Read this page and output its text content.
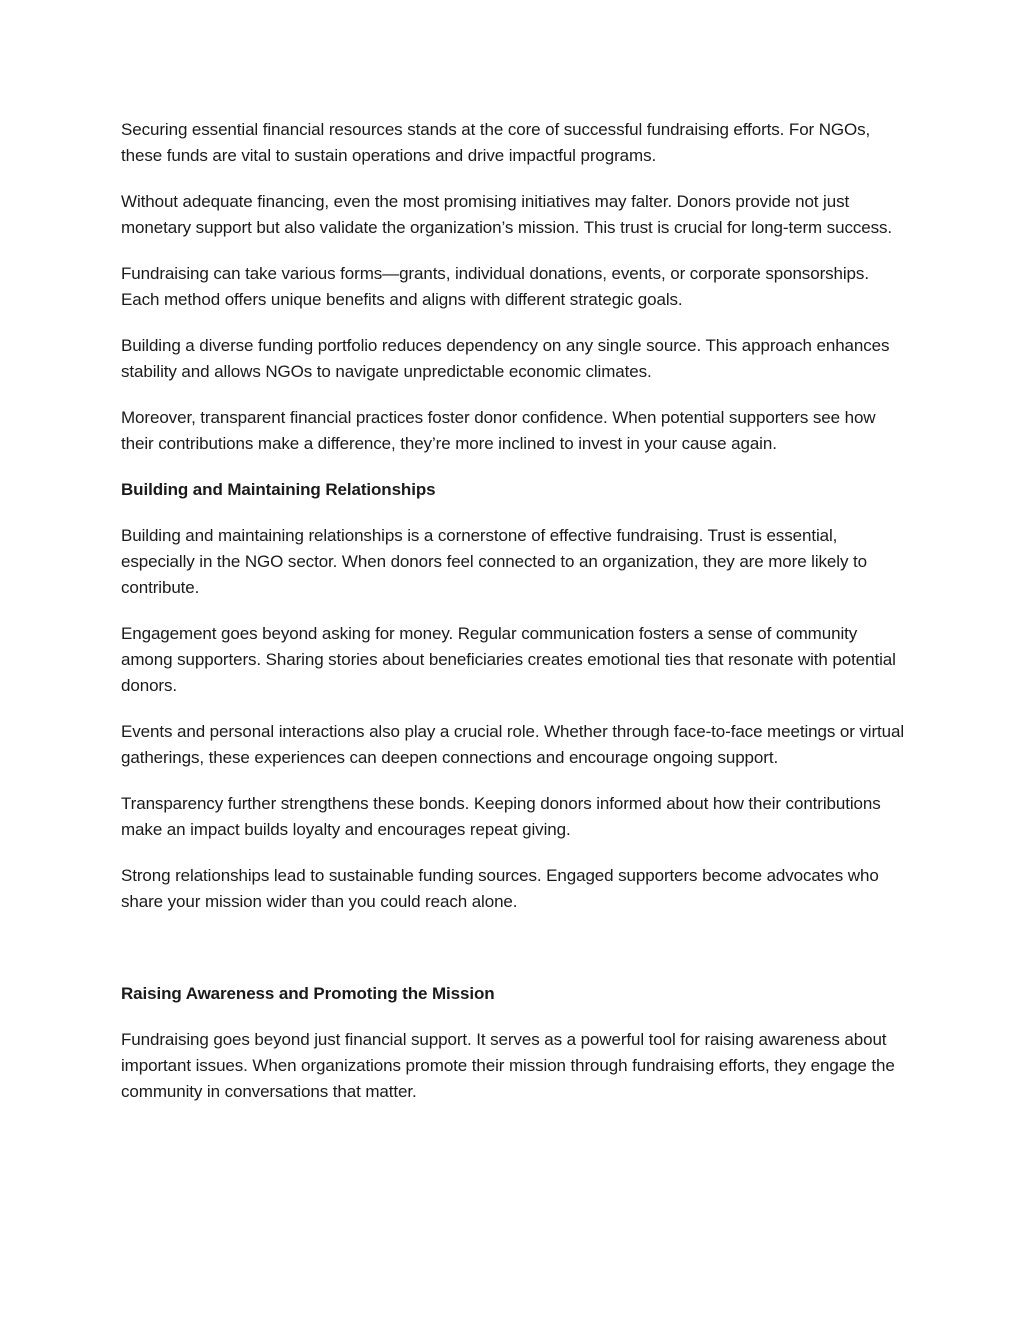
Securing essential financial resources stands at the core of successful fundraising efforts. For NGOs, these funds are vital to sustain operations and drive impactful programs.

Without adequate financing, even the most promising initiatives may falter. Donors provide not just monetary support but also validate the organization’s mission. This trust is crucial for long-term success.

Fundraising can take various forms—grants, individual donations, events, or corporate sponsorships. Each method offers unique benefits and aligns with different strategic goals.

Building a diverse funding portfolio reduces dependency on any single source. This approach enhances stability and allows NGOs to navigate unpredictable economic climates.

Moreover, transparent financial practices foster donor confidence. When potential supporters see how their contributions make a difference, they’re more inclined to invest in your cause again.

Building and Maintaining Relationships

Building and maintaining relationships is a cornerstone of effective fundraising. Trust is essential, especially in the NGO sector. When donors feel connected to an organization, they are more likely to contribute.

Engagement goes beyond asking for money. Regular communication fosters a sense of community among supporters. Sharing stories about beneficiaries creates emotional ties that resonate with potential donors.

Events and personal interactions also play a crucial role. Whether through face-to-face meetings or virtual gatherings, these experiences can deepen connections and encourage ongoing support.

Transparency further strengthens these bonds. Keeping donors informed about how their contributions make an impact builds loyalty and encourages repeat giving.

Strong relationships lead to sustainable funding sources. Engaged supporters become advocates who share your mission wider than you could reach alone.

Raising Awareness and Promoting the Mission

Fundraising goes beyond just financial support. It serves as a powerful tool for raising awareness about important issues. When organizations promote their mission through fundraising efforts, they engage the community in conversations that matter.
